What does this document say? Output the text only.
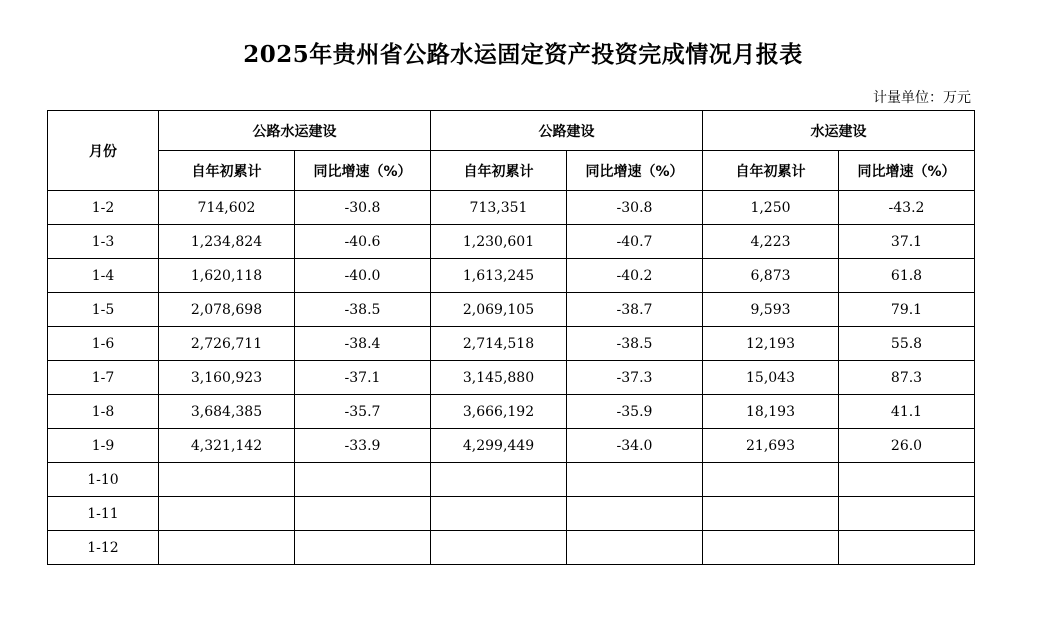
2025年贵州省公路水运固定资产投资完成情况月报表
计量单位：万元
月份	公路水运建设		公路建设		水运建设	
	自年初累计	同比增速（%）	自年初累计	同比增速（%）	自年初累计	同比增速（%）
1-2	714,602	-30.8	713,351	-30.8	1,250	-43.2
1-3	1,234,824	-40.6	1,230,601	-40.7	4,223	37.1
1-4	1,620,118	-40.0	1,613,245	-40.2	6,873	61.8
1-5	2,078,698	-38.5	2,069,105	-38.7	9,593	79.1
1-6	2,726,711	-38.4	2,714,518	-38.5	12,193	55.8
1-7	3,160,923	-37.1	3,145,880	-37.3	15,043	87.3
1-8	3,684,385	-35.7	3,666,192	-35.9	18,193	41.1
1-9	4,321,142	-33.9	4,299,449	-34.0	21,693	26.0
1-10						
1-11						
1-12						
